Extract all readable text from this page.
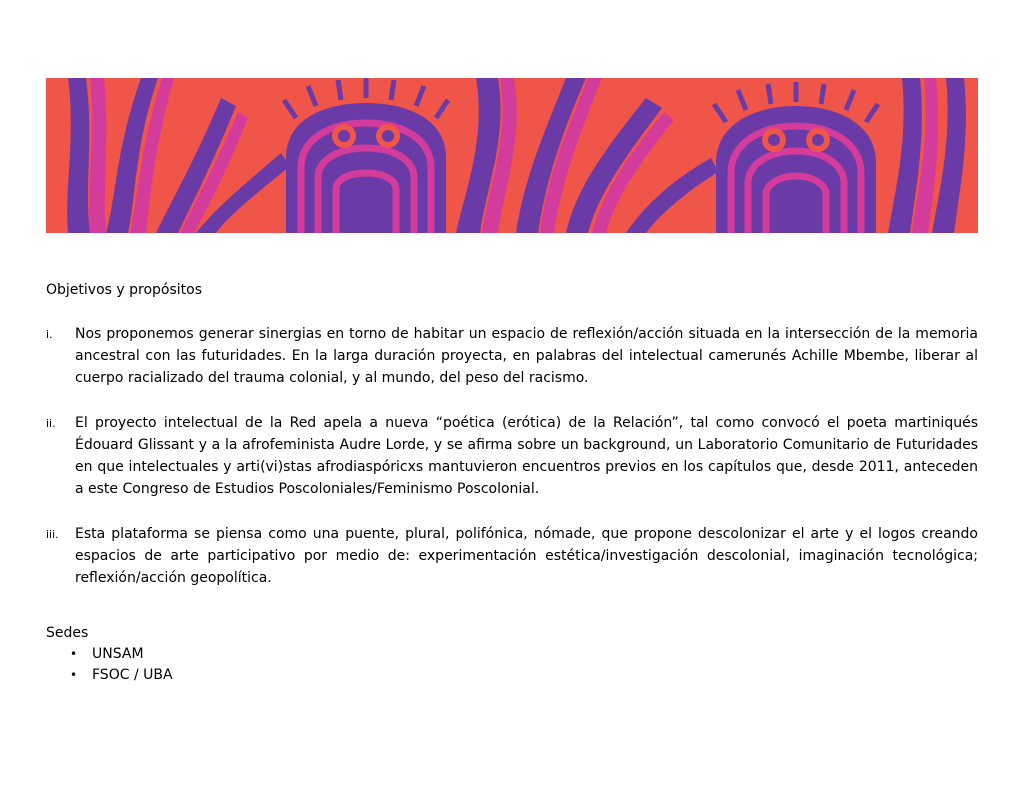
Objetivos y propósitos
i. Nos proponemos generar sinergias en torno de habitar un espacio de reflexión/acción situada en la intersección de la memoria ancestral con las futuridades. En la larga duración proyecta, en palabras del intelectual camerunés Achille Mbembe, liberar al cuerpo racializado del trauma colonial, y al mundo, del peso del racismo.
ii. El proyecto intelectual de la Red apela a nueva “poética (erótica) de la Relación”, tal como convocó el poeta martiniqués Édouard Glissant y a la afrofeminista Audre Lorde, y se afirma sobre un background, un Laboratorio Comunitario de Futuridades en que intelectuales y arti(vi)stas afrodiaspóricxs mantuvieron encuentros previos en los capítulos que, desde 2011, anteceden a este Congreso de Estudios Poscoloniales/Feminismo Poscolonial.
iii. Esta plataforma se piensa como una puente, plural, polifónica, nómade, que propone descolonizar el arte y el logos creando espacios de arte participativo por medio de: experimentación estética/investigación descolonial, imaginación tecnológica; reflexión/acción geopolítica.
Sedes
• UNSAM
• FSOC / UBA
